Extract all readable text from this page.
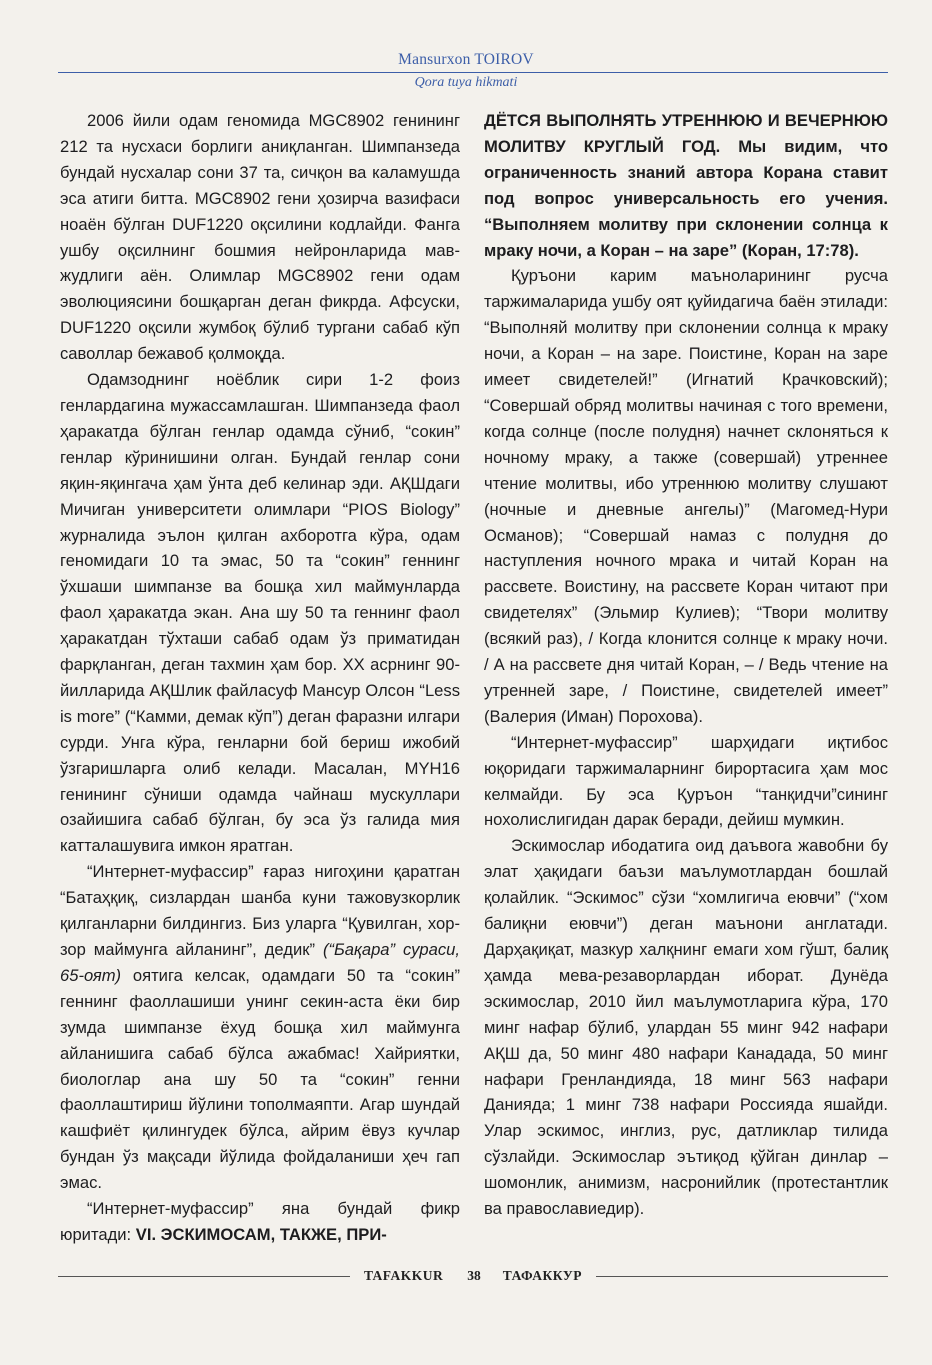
Mansurxon TOIROV
Qora tuya hikmati

2006 йили одам геномида MGC8902 генининг 212 та нусхаси борлиги аниқланган. Шимпанзеда бундай нусхалар сони 37 та, сичқон ва каламушда эса атиги битта. MGC8902 гени ҳозирча вазифаси ноаён бўлган DUF1220 оқсилини кодлайди. Фанга ушбу оқсилнинг бошмия нейронларида мавжудлиги аён. Олимлар MGC8902 гени одам эволюциясини бошқарган деган фикрда. Афсуски, DUF1220 оқсили жумбоқ бўлиб тургани сабаб кўп саволлар бежавоб қолмоқда.

Одамзоднинг ноёблик сири 1-2 фоиз генлардагина мужассамлашган. Шимпанзеда фаол ҳаракатда бўлган генлар одамда сўниб, “сокин” генлар кўринишини олган. Бундай генлар сони яқин-яқингача ҳам ўнта деб келинар эди. АҚШдаги Мичиган университети олимлари “PIOS Biology” журналида эълон қилган ахборотга кўра, одам геномидаги 10 та эмас, 50 та “сокин” геннинг ўхшаши шимпанзе ва бошқа хил маймунларда фаол ҳаракатда экан. Ана шу 50 та геннинг фаол ҳаракатдан тўхташи сабаб одам ўз приматидан фарқланган, деган тахмин ҳам бор. XX асрнинг 90-йилларида АҚШлик файласуф Мансур Олсон “Less is more” (“Камми, демак кўп”) деган фаразни илгари сурди. Унга кўра, генларни бой бериш ижобий ўзгаришларга олиб келади. Масалан, MYH16 генининг сўниши одамда чайнаш мускуллари озайишига сабаб бўлган, бу эса ўз галида мия катталашувига имкон яратган.

“Интернет-муфассир” ғараз нигоҳини қаратган “Батаҳқиқ, сизлардан шанба куни тажовузкорлик қилганларни билдингиз. Биз уларга “Қувилган, хор-зор маймунга айланинг”, дедик” (“Бақара” сураси, 65-оят) оятига келсак, одамдаги 50 та “сокин” геннинг фаоллашиши унинг секин-аста ёки бир зумда шимпанзе ёхуд бошқа хил маймунга айланишига сабаб бўлса ажабмас! Хайриятки, биологлар ана шу 50 та “сокин” генни фаоллаштириш йўлини тополмаяпти. Агар шундай кашфиёт қилингудек бўлса, айрим ёвуз кучлар бундан ўз мақсади йўлида фойдаланиши ҳеч гап эмас.

“Интернет-муфассир” яна бундай фикр юритади: VI. ЭСКИМОСАМ, ТАКЖЕ, ПРИ-

ДЁТСЯ ВЫПОЛНЯТЬ УТРЕННЮЮ И ВЕЧЕРНЮЮ МОЛИТВУ КРУГЛЫЙ ГОД. Мы видим, что ограниченность знаний автора Корана ставит под вопрос универсальность его учения. “Выполняем молитву при склонении солнца к мраку ночи, а Коран – на заре” (Коран, 17:78).

Қуръони карим маъноларининг русча таржималарида ушбу оят қуйидагича баён этилади: “Выполняй молитву при склонении солнца к мраку ночи, а Коран – на заре. Поистине, Коран на заре имеет свидетелей!” (Игнатий Крачковский); “Совершай обряд молитвы начиная с того времени, когда солнце (после полудня) начнет склоняться к ночному мраку, а также (совершай) утреннее чтение молитвы, ибо утреннюю молитву слушают (ночные и дневные ангелы)” (Магомед-Нури Османов); “Совершай намаз с полудня до наступления ночного мрака и читай Коран на рассвете. Воистину, на рассвете Коран читают при свидетелях” (Эльмир Кулиев); “Твори молитву (всякий раз), / Когда клонится солнце к мраку ночи. / А на рассвете дня читай Коран, – / Ведь чтение на утренней заре, / Поистине, свидетелей имеет” (Валерия (Иман) Порохова).

“Интернет-муфассир” шарҳидаги иқтибос юқоридаги таржималарнинг бирортасига ҳам мос келмайди. Бу эса Қуръон “танқидчи”сининг нохолислигидан дарак беради, дейиш мумкин.

Эскимослар ибодатига оид даъвога жавобни бу элат ҳақидаги баъзи маълумотлардан бошлай қолайлик. “Эскимос” сўзи “хомлигича еювчи” (“хом балиқни еювчи”) деган маънони англатади. Дарҳақиқат, мазкур халқнинг емаги хом гўшт, балиқ ҳамда мева-резаворлардан иборат. Дунёда эскимослар, 2010 йил маълумотларига кўра, 170 минг нафар бўлиб, улардан 55 минг 942 нафари АҚШ да, 50 минг 480 нафари Канадада, 50 минг нафари Гренландияда, 18 минг 563 нафари Данияда; 1 минг 738 нафари Россияда яшайди. Улар эскимос, инглиз, рус, датликлар тилида сўзлайди. Эскимослар эътиқод қўйган динлар – шомонлик, анимизм, насронийлик (протестантлик ва православиедир).

TAFAKKUR 38 ТАФАККУР
